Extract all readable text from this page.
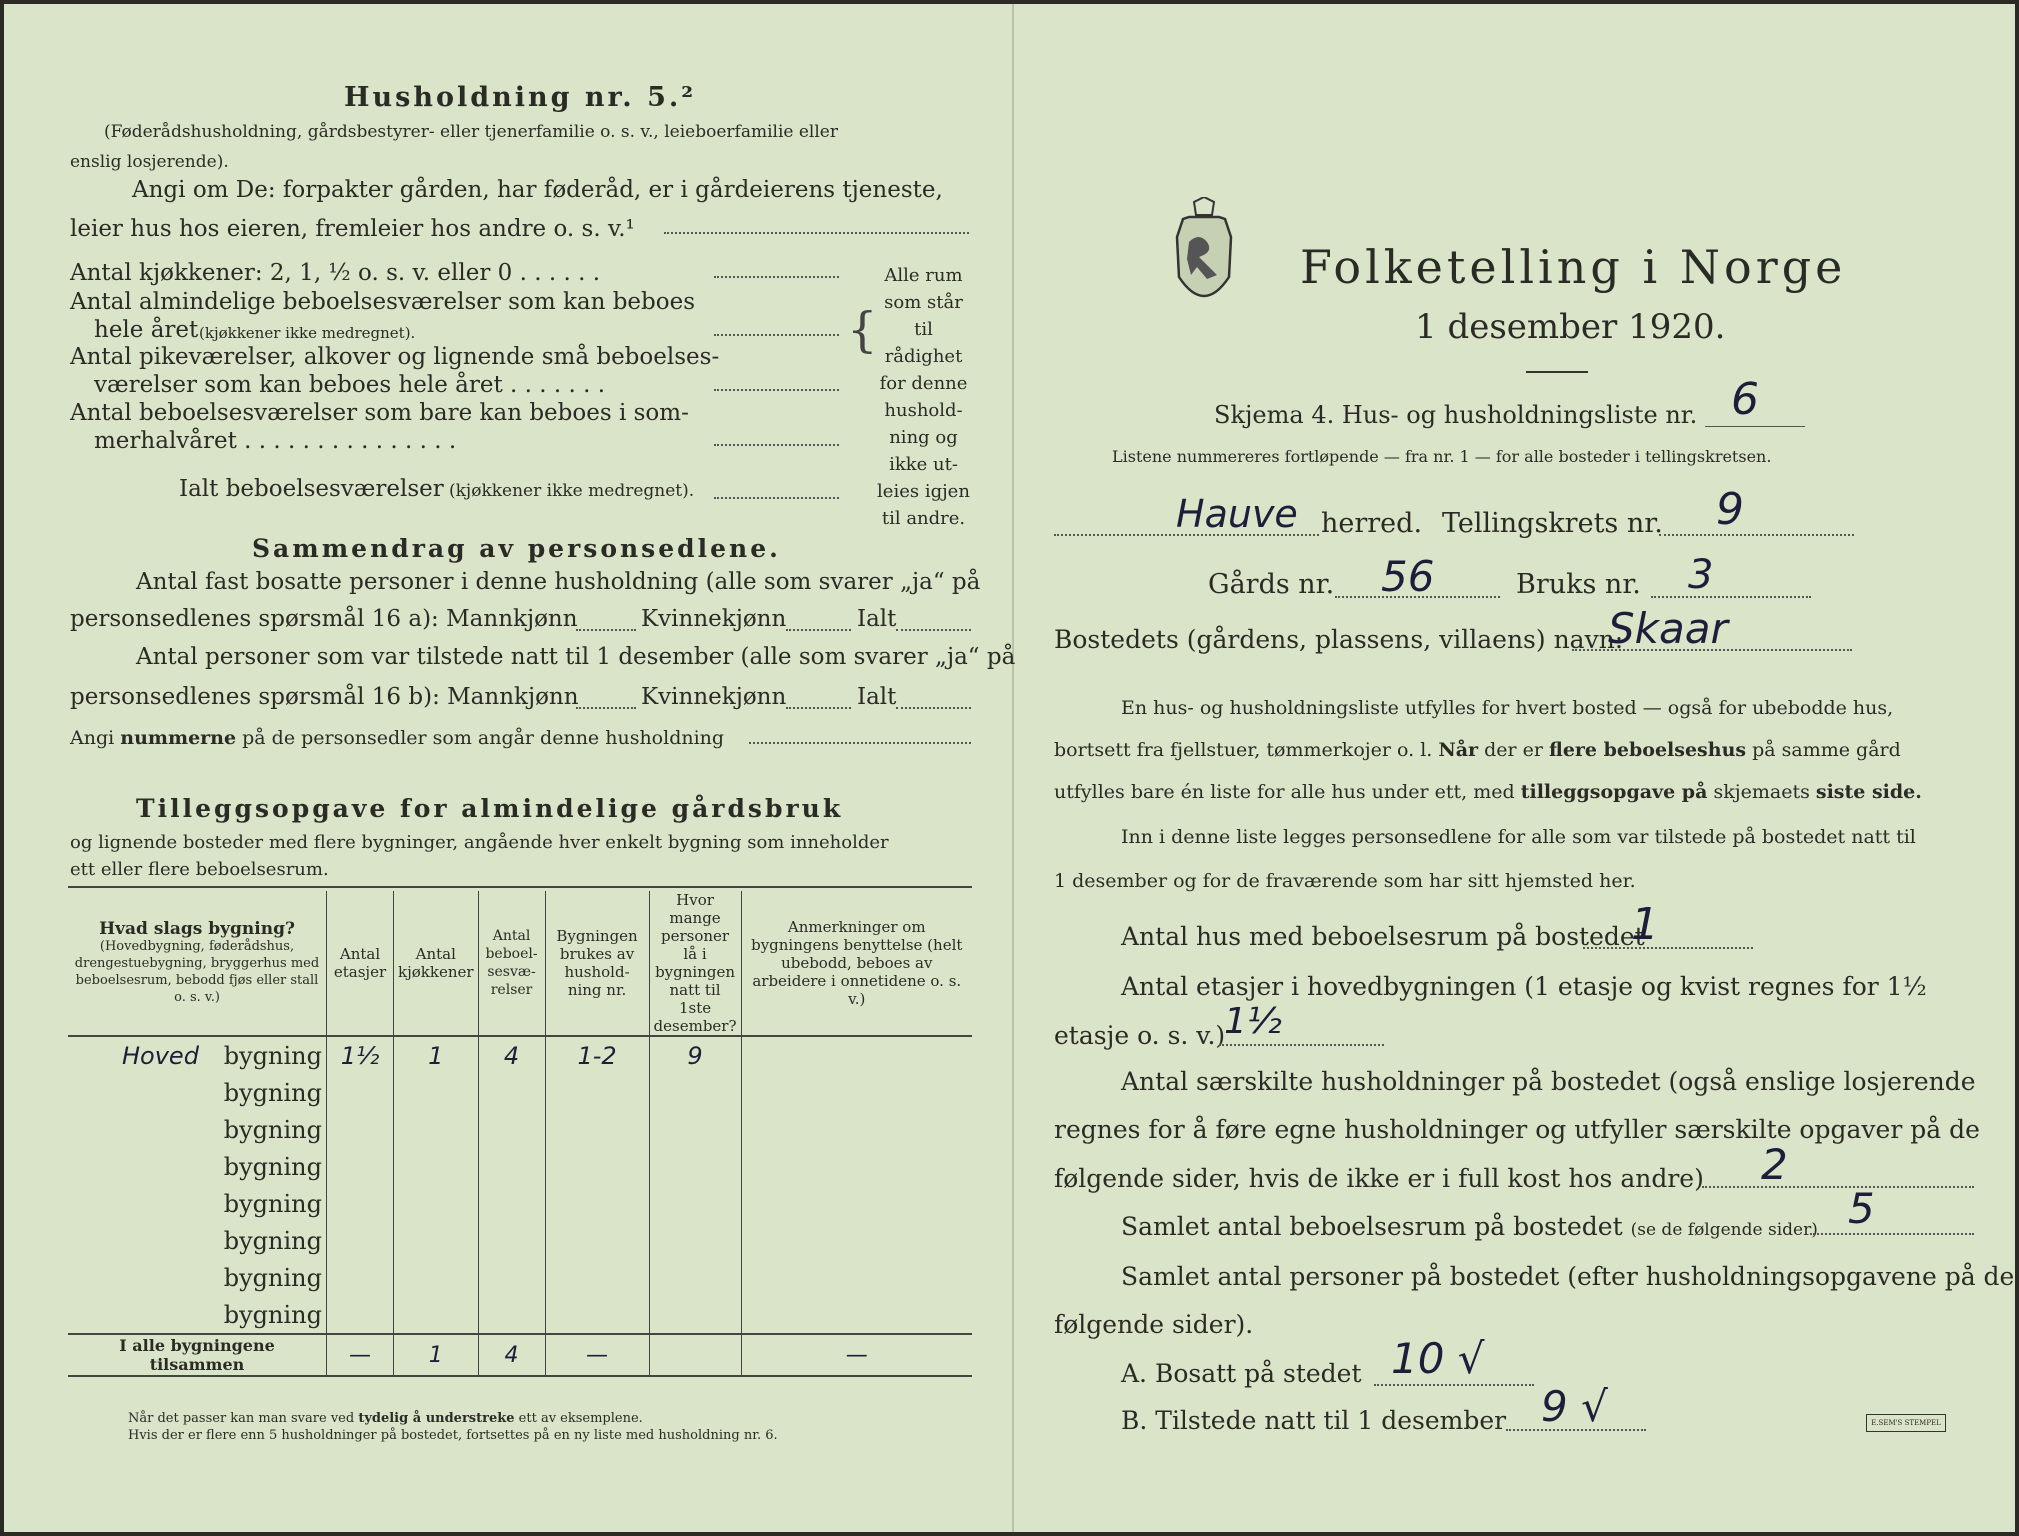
Husholdning nr. 5.²
(Føderådshusholdning, gårdsbestyrer- eller tjenerfamilie o. s. v., leieboerfamilie eller
enslig losjerende).
Angi om De: forpakter gården, har føderåd, er i gårdeierens tjeneste,
leier hus hos eieren, fremleier hos andre o. s. v.¹
Antal kjøkkener: 2, 1, ½ o. s. v. eller 0 . . . . . .
Antal almindelige beboelsesværelser som kan beboes
hele året (kjøkkener ikke medregnet).
Antal pikeværelser, alkover og lignende små beboelses-
værelser som kan beboes hele året . . . . . . .
Antal beboelsesværelser som bare kan beboes i som-
merhalvåret . . . . . . . . . . . . . . .
Ialt beboelsesværelser (kjøkkener ikke medregnet).
{
Alle rum
som står til
rådighet
for denne
hushold-
ning og
ikke ut-
leies igjen
til andre.
Sammendrag av personsedlene.
Antal fast bosatte personer i denne husholdning (alle som svarer „ja“ på
personsedlenes spørsmål 16 a): Mannkjønn	Kvinnekjønn	Ialt
Antal personer som var tilstede natt til 1 desember (alle som svarer „ja“ på
personsedlenes spørsmål 16 b): Mannkjønn	Kvinnekjønn	Ialt
Angi nummerne på de personsedler som angår denne husholdning
Tilleggsopgave for almindelige gårdsbruk
og lignende bosteder med flere bygninger, angående hver enkelt bygning som inneholder
ett eller flere beboelsesrum.
Hvad slags bygning?
(Hovedbygning, føderådshus, drengestuebygning, bryggerhus med beboelsesrum, bebodd fjøs eller stall o. s. v.)	Antal etasjer	Antal kjøkkener	Antal beboel-sesvæ-relser	Bygningen brukes av hushold-ning nr.	Hvor mange personer lå i bygningen natt til 1ste desember?	Anmerkninger om bygningens benyttelse (helt ubebodd, beboes av arbeidere i onnetidene o. s. v.)

Hoved bygning	1½	1	4	1-2	9	
bygning						
bygning						
bygning						
bygning						
bygning						
bygning						
bygning						
I alle bygningene tilsammen	—	1	4	—		—
Når det passer kan man svare ved tydelig å understreke ett av eksemplene.
Hvis der er flere enn 5 husholdninger på bostedet, fortsettes på en ny liste med husholdning nr. 6.
Folketelling i Norge
1 desember 1920.
Skjema 4. Hus- og husholdningsliste nr. 6
Listene nummereres fortløpende — fra nr. 1 — for alle bosteder i tellingskretsen.
Hauve herred. Tellingskrets nr. 9
Gårds nr. 56	Bruks nr. 3
Bostedets (gårdens, plassens, villaens) navn:
Skaar
En hus- og husholdningsliste utfylles for hvert bosted — også for ubebodde hus,
bortsett fra fjellstuer, tømmerkojer o. l. Når der er flere beboelseshus på samme gård
utfylles bare én liste for alle hus under ett, med tilleggsopgave på skjemaets siste side.
Inn i denne liste legges personsedlene for alle som var tilstede på bostedet natt til
1 desember og for de fraværende som har sitt hjemsted her.
Antal hus med beboelsesrum på bostedet
1
Antal etasjer i hovedbygningen (1 etasje og kvist regnes for 1½
etasje o. s. v.)
1½
Antal særskilte husholdninger på bostedet (også enslige losjerende
regnes for å føre egne husholdninger og utfyller særskilte opgaver på de
følgende sider, hvis de ikke er i full kost hos andre) 2
Samlet antal beboelsesrum på bostedet (se de følgende sider) 5
Samlet antal personer på bostedet (efter husholdningsopgavene på de
følgende sider).
A. Bosatt på stedet 10 √
B. Tilstede natt til 1 desember 9 √	E.SEM'S STEMPEL
